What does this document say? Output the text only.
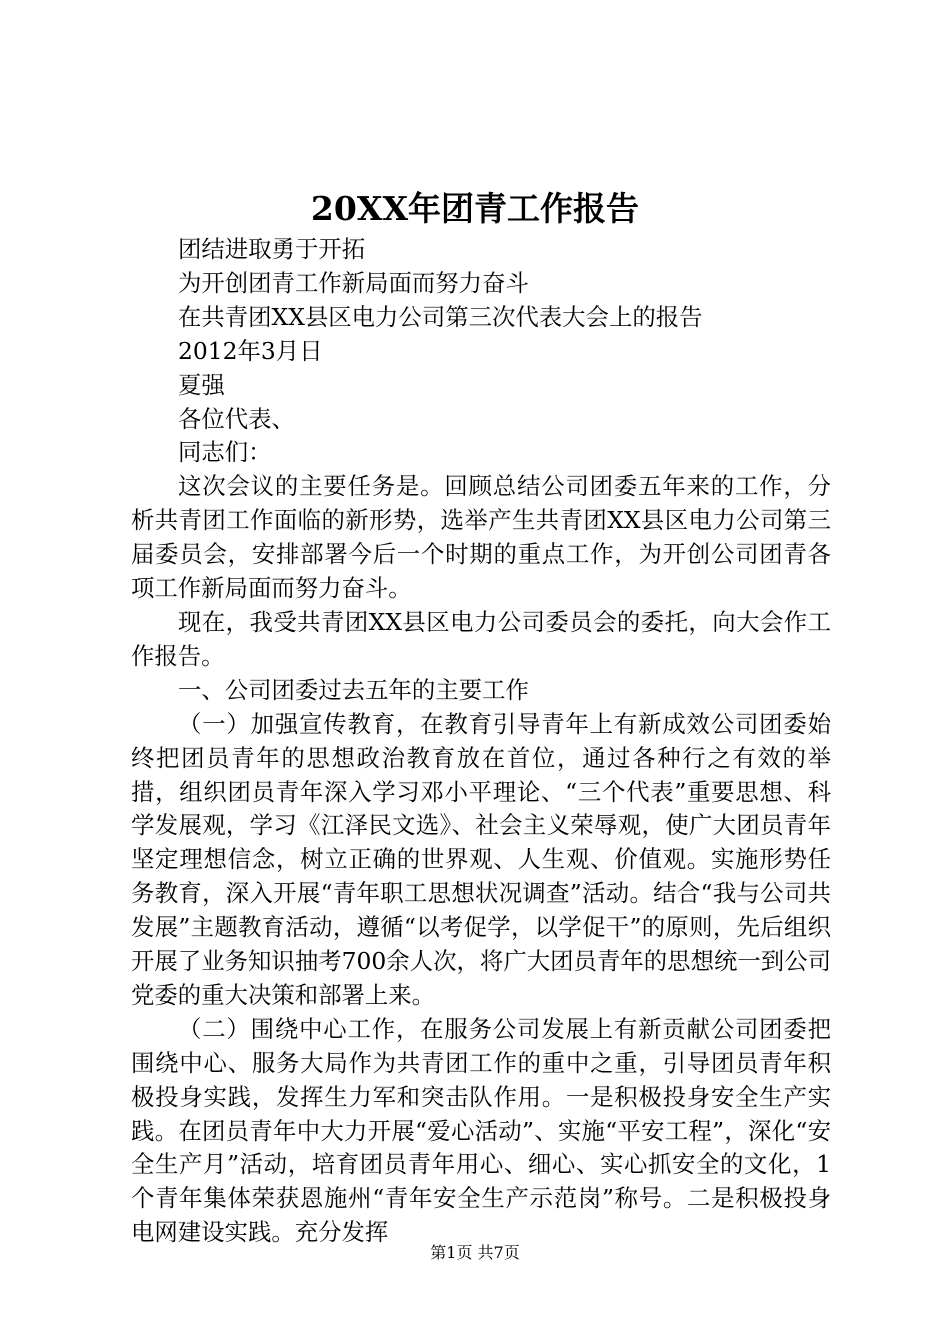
20XX年团青工作报告

团结进取勇于开拓

为开创团青工作新局面而努力奋斗

在共青团XX县区电力公司第三次代表大会上的报告

2012年3月日

夏强

各位代表、

同志们：

这次会议的主要任务是。回顾总结公司团委五年来的工作，分析共青团工作面临的新形势，选举产生共青团XX县区电力公司第三届委员会，安排部署今后一个时期的重点工作，为开创公司团青各项工作新局面而努力奋斗。

现在，我受共青团XX县区电力公司委员会的委托，向大会作工作报告。

一、公司团委过去五年的主要工作

（一）加强宣传教育，在教育引导青年上有新成效公司团委始终把团员青年的思想政治教育放在首位，通过各种行之有效的举措，组织团员青年深入学习邓小平理论、“三个代表”重要思想、科学发展观，学习《江泽民文选》、社会主义荣辱观，使广大团员青年坚定理想信念，树立正确的世界观、人生观、价值观。实施形势任务教育，深入开展“青年职工思想状况调查”活动。结合“我与公司共发展”主题教育活动，遵循“以考促学，以学促干”的原则，先后组织开展了业务知识抽考700余人次，将广大团员青年的思想统一到公司党委的重大决策和部署上来。

（二）围绕中心工作，在服务公司发展上有新贡献公司团委把围绕中心、服务大局作为共青团工作的重中之重，引导团员青年积极投身实践，发挥生力军和突击队作用。一是积极投身安全生产实践。在团员青年中大力开展“爱心活动”、实施“平安工程”，深化“安全生产月”活动，培育团员青年用心、细心、实心抓安全的文化，1个青年集体荣获恩施州“青年安全生产示范岗”称号。二是积极投身电网建设实践。充分发挥

第1页 共7页
